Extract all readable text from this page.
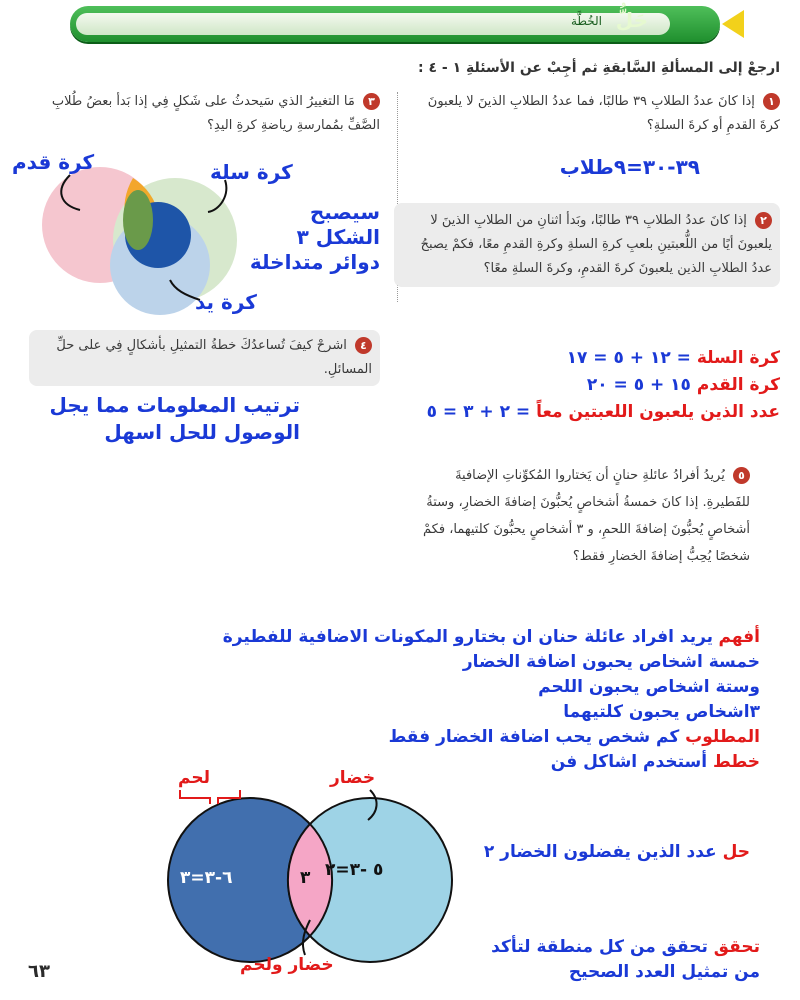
حَلُّ
الخُطَّة
ارجعْ إلى المسألةِ السَّابقةِ ثم أجِبْ عن الأسئلةِ ١ - ٤ :
١ إذا كانَ عددُ الطلابِ ٣٩ طالبًا، فما عددُ الطلابِ الذينَ لا يلعبونَ كرةَ القدمِ أو كرةَ السلةِ؟
٣٩-٣٠=٩طلاب
٣ مَا التغييرُ الذي سَيحدثُ على شَكلٍ فِي إذا بَدأ بعضُ طُلابِ الصَّفِّ بمُمارسةِ رياضةِ كرةِ اليدِ؟
كرة قدم	كرة سلة
كرة يد
سيصبح
الشكل ٣
دوائر متداخلة
٢ إذا كانَ عددُ الطلابِ ٣٩ طالبًا، وبَدأ اثنانِ من الطلابِ الذينَ لا يلعبونَ أيًا من اللُّعبتينِ بلعبِ كرةِ السلةِ وكرةِ القدمِ معًا، فكمْ يصبحُ عددُ الطلابِ الذين يلعبونَ كرةَ القدمِ، وكرةَ السلةِ معًا؟
٤ اشرحْ كيفَ تُساعدُكَ خطةُ التمثيلِ بأشكالٍ فِي على حلِّ المسائلِ.
ترتيب المعلومات مما يجل
الوصول للحل اسهل
كرة السلة = ١٢ + ٥ = ١٧
كرة القدم ١٥ + ٥ = ٢٠
عدد الذين يلعبون اللعبتين معاً = ٢ + ٣ = ٥
٥ يُريدُ أفرادُ عائلةِ حنانٍ أن يَختاروا المُكوِّناتِ الإضافيةَ للفَطيرةِ. إذا كانَ خمسةُ أشخاصٍ يُحبُّونَ إضافةَ الخضارِ، وستةُ أشخاصٍ يُحبُّونَ إضافةَ اللحمِ، و ٣ أشخاصٍ يحبُّونَ كلتيهما، فكمْ شخصًا يُحِبُّ إضافةَ الخضارِ فقط؟
أفهم يريد افراد عائلة حنان ان بختارو المكونات الاضافية للفطيرة
خمسة اشخاص يحبون اضافة الخضار
وستة اشخاص يحبون اللحم
٣اشخاص يحبون كلتيهما
المطلوب كم شخص يحب اضافة الخضار فقط
خطط أستخدم اشاكل فن
حل عدد الذين يفضلون الخضار ٢
تحقق تحقق من كل منطقة لتأكد
من تمثيل العدد الصحيح
لحم	خضار
خضار ولحم
٦-٣=٣	٣ ٥ -٣=٢
٦٣
